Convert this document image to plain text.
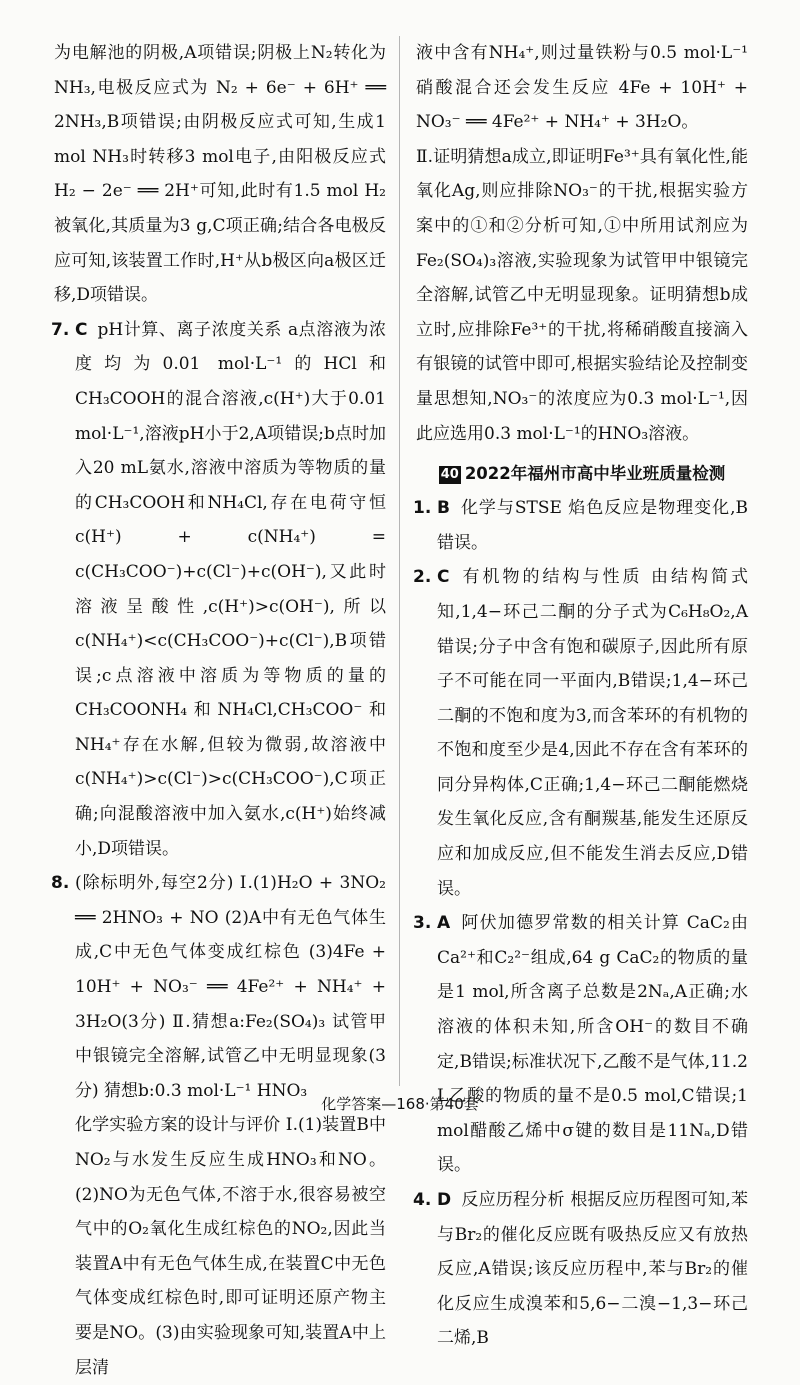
为电解池的阴极,A项错误;阴极上N₂转化为NH₃,电极反应式为 N₂ + 6e⁻ + 6H⁺ ══ 2NH₃,B项错误;由阴极反应式可知,生成1 mol NH₃时转移3 mol电子,由阳极反应式H₂ − 2e⁻ ══ 2H⁺可知,此时有1.5 mol H₂被氧化,其质量为3 g,C项正确;结合各电极反应可知,该装置工作时,H⁺从b极区向a极区迁移,D项错误。

7. C pH计算、离子浓度关系 a点溶液为浓度均为0.01 mol·L⁻¹的HCl和CH₃COOH的混合溶液,c(H⁺)大于0.01 mol·L⁻¹,溶液pH小于2,A项错误;b点时加入20 mL氨水,溶液中溶质为等物质的量的CH₃COOH和NH₄Cl,存在电荷守恒 c(H⁺) + c(NH₄⁺) = c(CH₃COO⁻)+c(Cl⁻)+c(OH⁻),又此时溶液呈酸性,c(H⁺)>c(OH⁻),所以c(NH₄⁺)<c(CH₃COO⁻)+c(Cl⁻),B项错误;c点溶液中溶质为等物质的量的CH₃COONH₄和NH₄Cl,CH₃COO⁻和NH₄⁺存在水解,但较为微弱,故溶液中c(NH₄⁺)>c(Cl⁻)>c(CH₃COO⁻),C项正确;向混酸溶液中加入氨水,c(H⁺)始终减小,D项错误。
8. (除标明外,每空2分) Ⅰ.(1)H₂O + 3NO₂ ══ 2HNO₃ + NO (2)A中有无色气体生成,C中无色气体变成红棕色 (3)4Fe + 10H⁺ + NO₃⁻ ══ 4Fe²⁺ + NH₄⁺ + 3H₂O(3分) Ⅱ.猜想a:Fe₂(SO₄)₃ 试管甲中银镜完全溶解,试管乙中无明显现象(3分) 猜想b:0.3 mol·L⁻¹ HNO₃

化学实验方案的设计与评价 Ⅰ.(1)装置B中NO₂与水发生反应生成HNO₃和NO。(2)NO为无色气体,不溶于水,很容易被空气中的O₂氧化生成红棕色的NO₂,因此当装置A中有无色气体生成,在装置C中无色气体变成红棕色时,即可证明还原产物主要是NO。(3)由实验现象可知,装置A中上层清

液中含有NH₄⁺,则过量铁粉与0.5 mol·L⁻¹硝酸混合还会发生反应 4Fe + 10H⁺ + NO₃⁻ ══ 4Fe²⁺ + NH₄⁺ + 3H₂O。

Ⅱ.证明猜想a成立,即证明Fe³⁺具有氧化性,能氧化Ag,则应排除NO₃⁻的干扰,根据实验方案中的①和②分析可知,①中所用试剂应为Fe₂(SO₄)₃溶液,实验现象为试管甲中银镜完全溶解,试管乙中无明显现象。证明猜想b成立时,应排除Fe³⁺的干扰,将稀硝酸直接滴入有银镜的试管中即可,根据实验结论及控制变量思想知,NO₃⁻的浓度应为0.3 mol·L⁻¹,因此应选用0.3 mol·L⁻¹的HNO₃溶液。

40 2022年福州市高中毕业班质量检测
1. B 化学与STSE 焰色反应是物理变化,B错误。
2. C 有机物的结构与性质 由结构简式知,1,4−环己二酮的分子式为C₆H₈O₂,A错误;分子中含有饱和碳原子,因此所有原子不可能在同一平面内,B错误;1,4−环己二酮的不饱和度为3,而含苯环的有机物的不饱和度至少是4,因此不存在含有苯环的同分异构体,C正确;1,4−环己二酮能燃烧发生氧化反应,含有酮羰基,能发生还原反应和加成反应,但不能发生消去反应,D错误。
3. A 阿伏加德罗常数的相关计算 CaC₂由Ca²⁺和C₂²⁻组成,64 g CaC₂的物质的量是1 mol,所含离子总数是2Nₐ,A正确;水溶液的体积未知,所含OH⁻的数目不确定,B错误;标准状况下,乙酸不是气体,11.2 L乙酸的物质的量不是0.5 mol,C错误;1 mol醋酸乙烯中σ键的数目是11Nₐ,D错误。
4. D 反应历程分析 根据反应历程图可知,苯与Br₂的催化反应既有吸热反应又有放热反应,A错误;该反应历程中,苯与Br₂的催化反应生成溴苯和5,6−二溴−1,3−环己二烯,B
化学答案—168·第40套
